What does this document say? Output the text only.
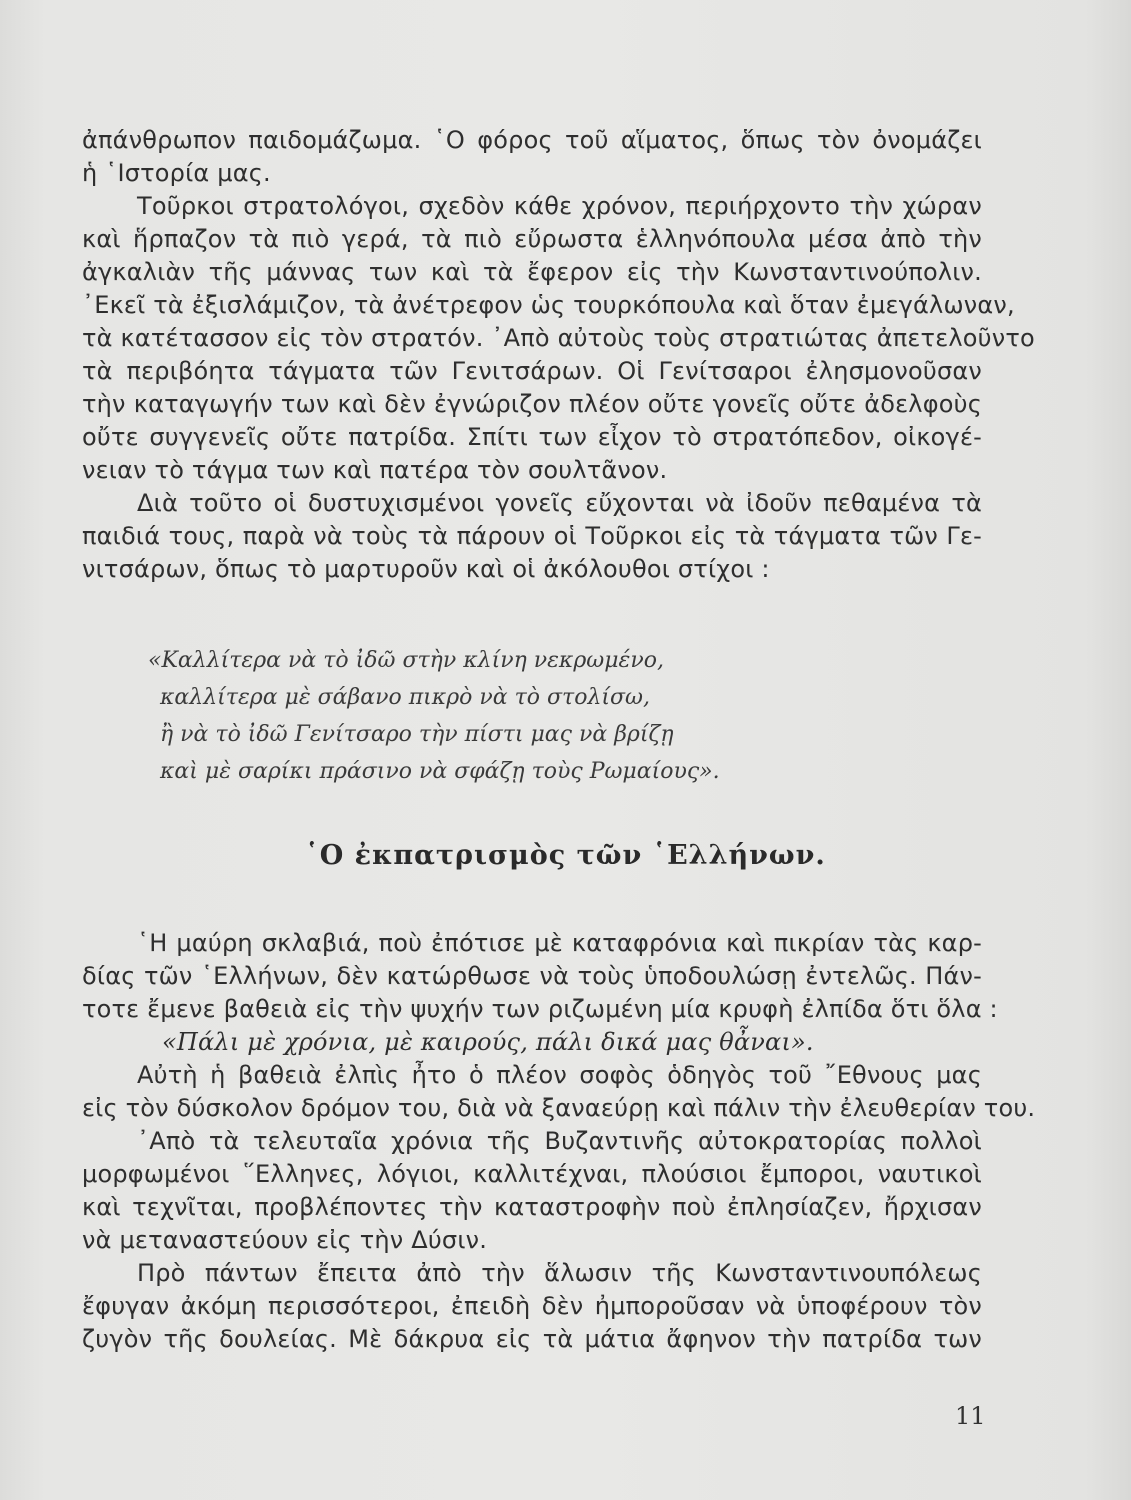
ἀπάνθρωπον παιδομάζωμα. ῾Ο φόρος τοῦ αἵματος, ὅπως τὸν ὀνομάζει
ἡ ῾Ιστορία μας.
Τοῦρκοι στρατολόγοι, σχεδὸν κάθε χρόνον, περιήρχοντο τὴν χώραν
καὶ ἥρπαζον τὰ πιὸ γερά, τὰ πιὸ εὔρωστα ἑλληνόπουλα μέσα ἀπὸ τὴν
ἀγκαλιὰν τῆς μάννας των καὶ τὰ ἔφερον εἰς τὴν Κωνσταντινούπολιν.
᾿Εκεῖ τὰ ἐξισλάμιζον, τὰ ἀνέτρεφον ὡς τουρκόπουλα καὶ ὅταν ἐμεγάλωναν,
τὰ κατέτασσον εἰς τὸν στρατόν. ᾿Απὸ αὐτοὺς τοὺς στρατιώτας ἀπετελοῦντο
τὰ περιβόητα τάγματα τῶν Γενιτσάρων. Οἱ Γενίτσαροι ἐλησμονοῦσαν
τὴν καταγωγήν των καὶ δὲν ἐγνώριζον πλέον οὔτε γονεῖς οὔτε ἀδελφοὺς
οὔτε συγγενεῖς οὔτε πατρίδα. Σπίτι των εἶχον τὸ στρατόπεδον, οἰκογέ-
νειαν τὸ τάγμα των καὶ πατέρα τὸν σουλτᾶνον.
Διὰ τοῦτο οἱ δυστυχισμένοι γονεῖς εὔχονται νὰ ἰδοῦν πεθαμένα τὰ
παιδιά τους, παρὰ νὰ τοὺς τὰ πάρουν οἱ Τοῦρκοι εἰς τὰ τάγματα τῶν Γε-
νιτσάρων, ὅπως τὸ μαρτυροῦν καὶ οἱ ἀκόλουθοι στίχοι :
«Καλλίτερα νὰ τὸ ἰδῶ στὴν κλίνη νεκρωμένο,
καλλίτερα μὲ σάβανο πικρὸ νὰ τὸ στολίσω,
ἢ νὰ τὸ ἰδῶ Γενίτσαρο τὴν πίστι μας νὰ βρίζῃ
καὶ μὲ σαρίκι πράσινο νὰ σφάζῃ τοὺς Ρωμαίους».
῾Ο ἐκπατρισμὸς τῶν ῾Ελλήνων.
῾Η μαύρη σκλαβιά, ποὺ ἐπότισε μὲ καταφρόνια καὶ πικρίαν τὰς καρ-
δίας τῶν ῾Ελλήνων, δὲν κατώρθωσε νὰ τοὺς ὑποδουλώσῃ ἐντελῶς. Πάν-
τοτε ἔμενε βαθειὰ εἰς τὴν ψυχήν των ριζωμένη μία κρυφὴ ἐλπίδα ὅτι ὅλα :
«Πάλι μὲ χρόνια, μὲ καιρούς, πάλι δικά μας θἆναι».
Αὐτὴ ἡ βαθειὰ ἐλπὶς ἦτο ὁ πλέον σοφὸς ὁδηγὸς τοῦ ῎Εθνους μας
εἰς τὸν δύσκολον δρόμον του, διὰ νὰ ξαναεύρῃ καὶ πάλιν τὴν ἐλευθερίαν του.
᾿Απὸ τὰ τελευταῖα χρόνια τῆς Βυζαντινῆς αὐτοκρατορίας πολλοὶ
μορφωμένοι ῞Ελληνες, λόγιοι, καλλιτέχναι, πλούσιοι ἔμποροι, ναυτικοὶ
καὶ τεχνῖται, προβλέποντες τὴν καταστροφὴν ποὺ ἐπλησίαζεν, ἤρχισαν
νὰ μεταναστεύουν εἰς τὴν Δύσιν.
Πρὸ πάντων ἔπειτα ἀπὸ τὴν ἅλωσιν τῆς Κωνσταντινουπόλεως
ἔφυγαν ἀκόμη περισσότεροι, ἐπειδὴ δὲν ἠμποροῦσαν νὰ ὑποφέρουν τὸν
ζυγὸν τῆς δουλείας. Μὲ δάκρυα εἰς τὰ μάτια ἄφηνον τὴν πατρίδα των
11
